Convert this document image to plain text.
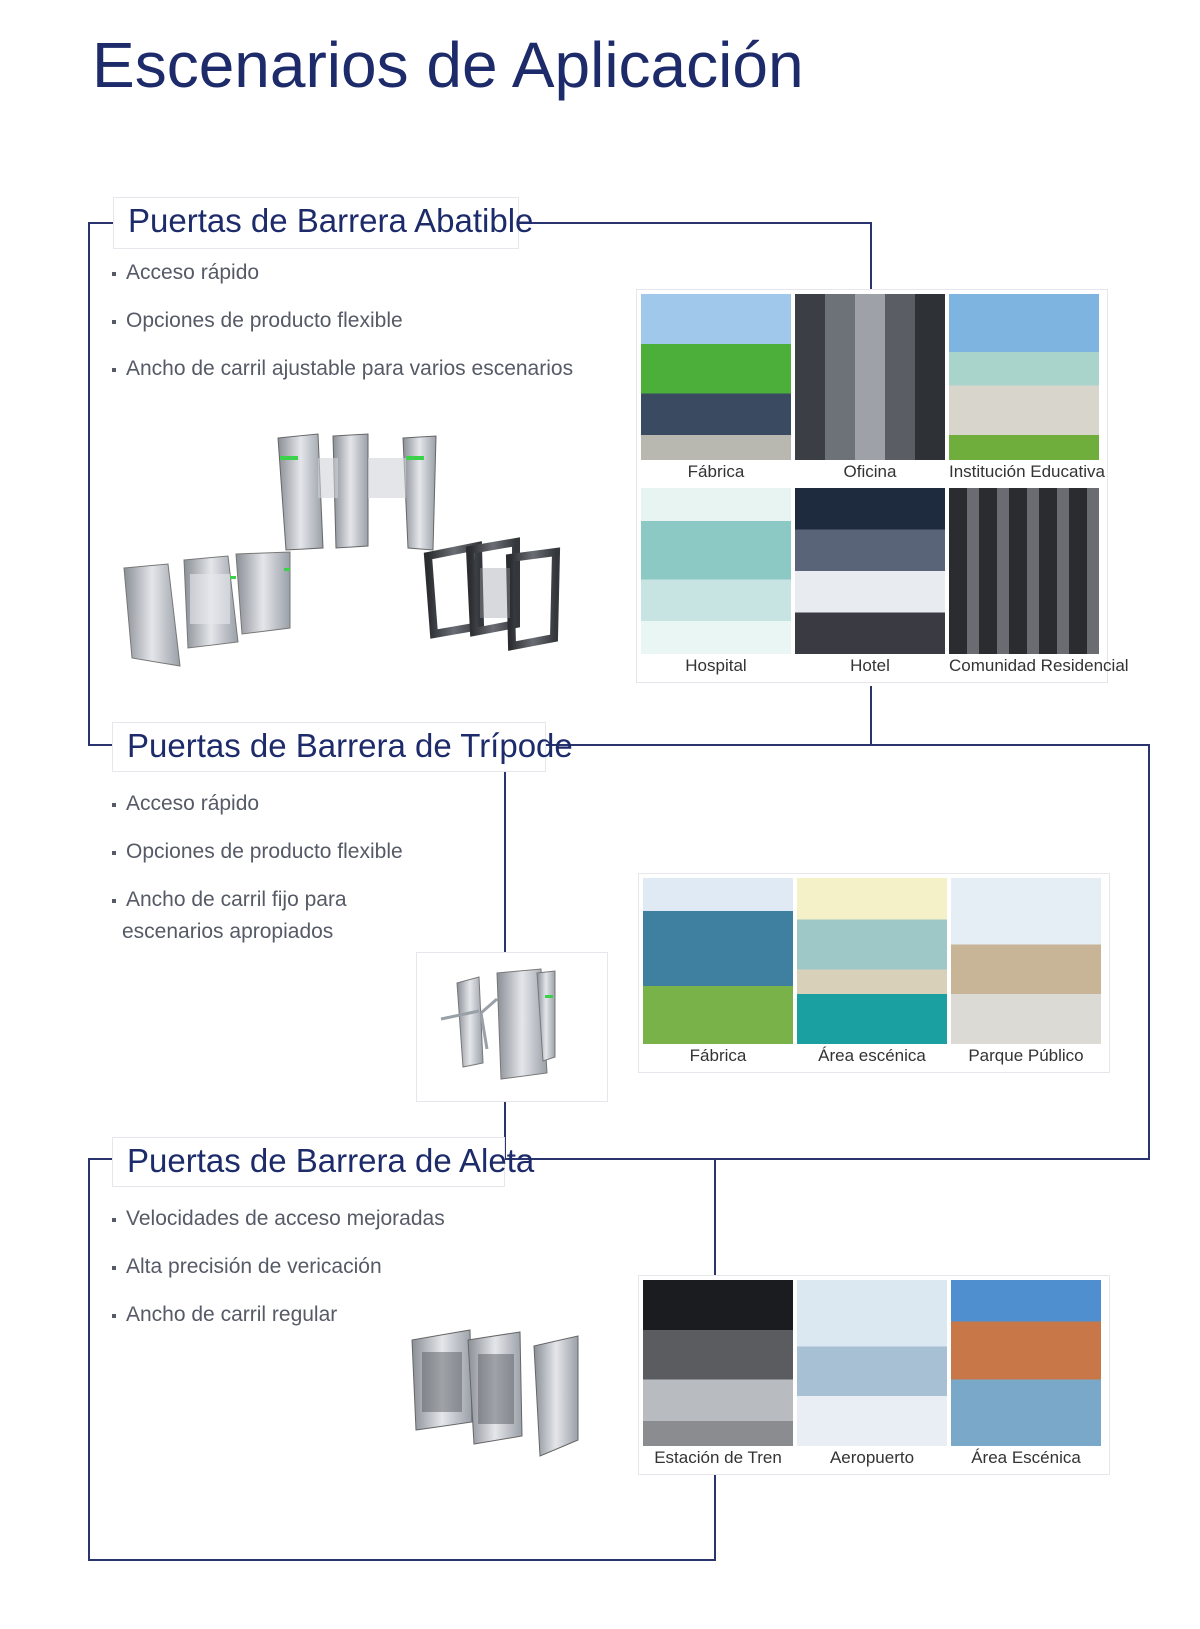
Escenarios de Aplicación
Puertas de Barrera Abatible
Acceso rápido
Opciones de producto flexible
Ancho de carril ajustable para varios escenarios
Fábrica	Oficina	Institución Educativa
Hospital	Hotel	Comunidad Residencial
Puertas de Barrera de Trípode
Acceso rápido
Opciones de producto flexible
Ancho de carril fijo para
escenarios apropiados
Fábrica	Área escénica	Parque Público
Puertas de Barrera de Aleta
Velocidades de acceso mejoradas
Alta precisión de vericación
Ancho de carril regular
Estación de Tren	Aeropuerto	Área Escénica
